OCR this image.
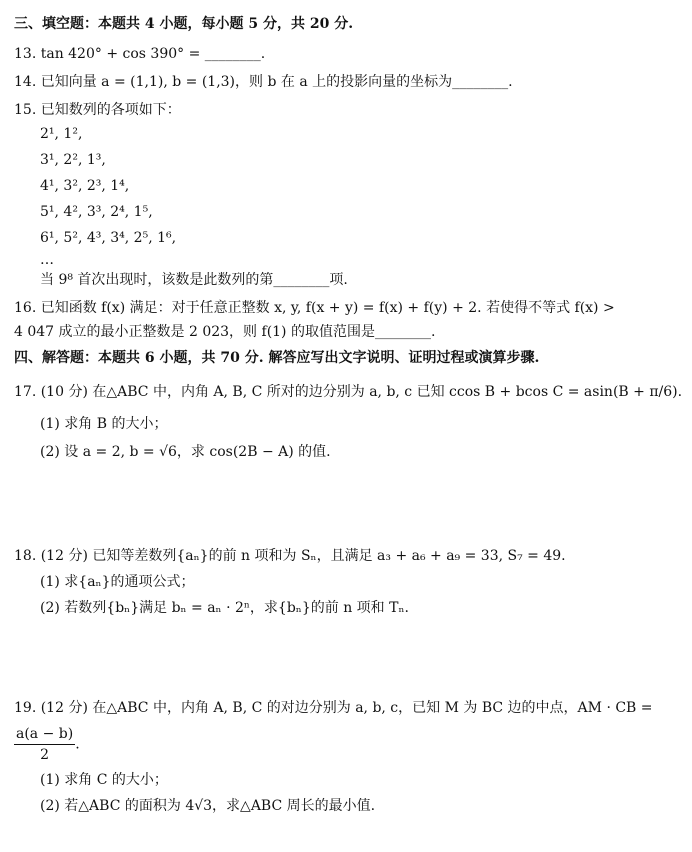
三、填空题：本题共 4 小题，每小题 5 分，共 20 分.
13. tan 420° + cos 390° = ________.
14. 已知向量 a = (1,1), b = (1,3)，则 b 在 a 上的投影向量的坐标为________.
15. 已知数列的各项如下：
2¹, 1²,
3¹, 2², 1³,
4¹, 3², 2³, 1⁴,
5¹, 4², 3³, 2⁴, 1⁵,
6¹, 5², 4³, 3⁴, 2⁵, 1⁶,
…
当 9⁸ 首次出现时，该数是此数列的第________项.
16. 已知函数 f(x) 满足：对于任意正整数 x, y, f(x + y) = f(x) + f(y) + 2. 若使得不等式 f(x) >
4 047 成立的最小正整数是 2 023，则 f(1) 的取值范围是________.
四、解答题：本题共 6 小题，共 70 分. 解答应写出文字说明、证明过程或演算步骤.
17. (10 分) 在△ABC 中，内角 A, B, C 所对的边分别为 a, b, c 已知 ccos B + bcos C = asin(B + π/6).
(1) 求角 B 的大小；
(2) 设 a = 2, b = √6，求 cos(2B − A) 的值.
18. (12 分) 已知等差数列{aₙ}的前 n 项和为 Sₙ，且满足 a₃ + a₆ + a₉ = 33, S₇ = 49.
(1) 求{aₙ}的通项公式；
(2) 若数列{bₙ}满足 bₙ = aₙ · 2ⁿ，求{bₙ}的前 n 项和 Tₙ.
19. (12 分) 在△ABC 中，内角 A, B, C 的对边分别为 a, b, c，已知 M 为 BC 边的中点，AM · CB =
$\frac{a(a - b)}{2}$ .
(1) 求角 C 的大小；
(2) 若△ABC 的面积为 4√3，求△ABC 周长的最小值.
